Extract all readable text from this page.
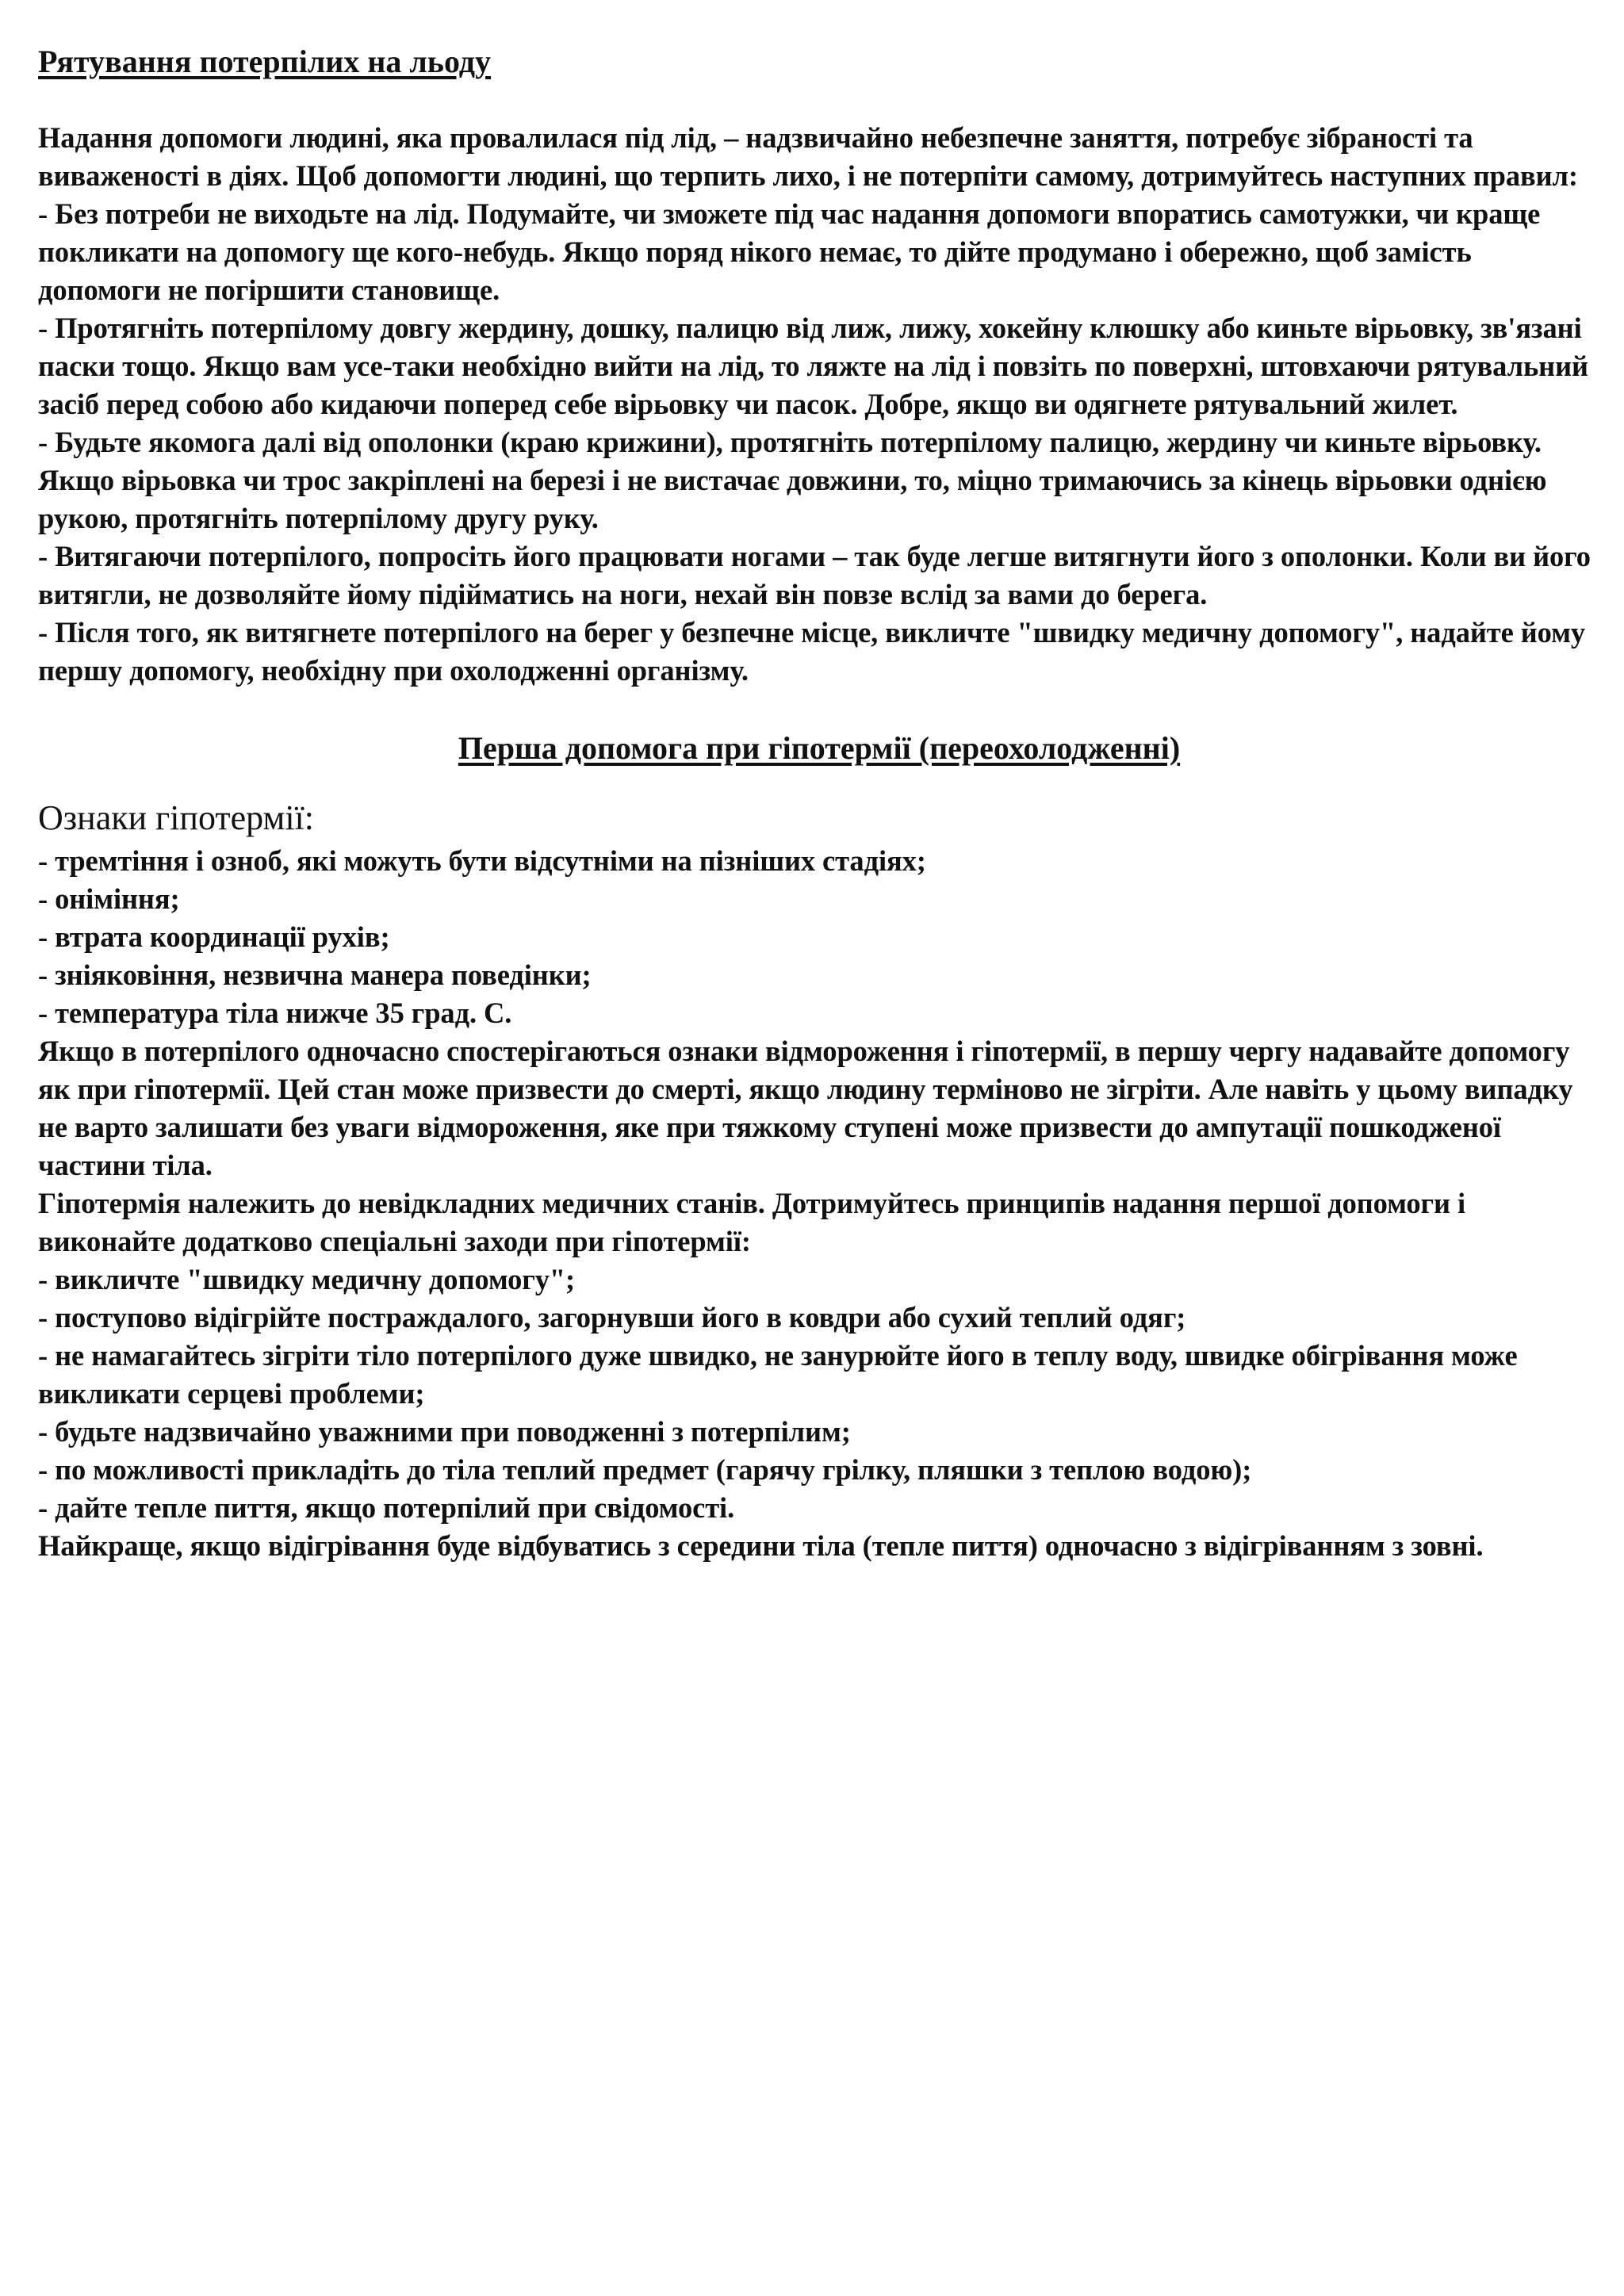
Рятування потерпілих на льоду

Надання допомоги людині, яка провалилася під лід, – надзвичайно небезпечне заняття, потребує зібраності та виваженості в діях. Щоб допомогти людині, що терпить лихо, і не потерпіти самому, дотримуйтесь наступних правил:

- Без потреби не виходьте на лід. Подумайте, чи зможете під час надання допомоги впоратись самотужки, чи краще покликати на допомогу ще кого-небудь. Якщо поряд нікого немає, то дійте продумано і обережно, щоб замість допомоги не погіршити становище.

- Протягніть потерпілому довгу жердину, дошку, палицю від лиж, лижу, хокейну клюшку або киньте вірьовку, зв'язані паски тощо. Якщо вам усе-таки необхідно вийти на лід, то ляжте на лід і повзіть по поверхні, штовхаючи рятувальний засіб перед собою або кидаючи поперед себе вірьовку чи пасок. Добре, якщо ви одягнете рятувальний жилет.

- Будьте якомога далі від ополонки (краю крижини), протягніть потерпілому палицю, жердину чи киньте вірьовку. Якщо вірьовка чи трос закріплені на березі і не вистачає довжини, то, міцно тримаючись за кінець вірьовки однією рукою, протягніть потерпілому другу руку.

- Витягаючи потерпілого, попросіть його працювати ногами – так буде легше витягнути його з ополонки. Коли ви його витягли, не дозволяйте йому підійматись на ноги, нехай він повзе вслід за вами до берега.

- Після того, як витягнете потерпілого на берег у безпечне місце, викличте "швидку медичну допомогу", надайте йому першу допомогу, необхідну при охолодженні організму.

Перша допомога при гіпотермії (переохолодженні)
Ознаки гіпотермії:

- тремтіння і озноб, які можуть бути відсутніми на пізніших стадіях;

- оніміння;

- втрата координації рухів;

- зніяковіння, незвична манера поведінки;

- температура тіла нижче 35 град. С.

Якщо в потерпілого одночасно спостерігаються ознаки відмороження і гіпотермії, в першу чергу надавайте допомогу як при гіпотермії. Цей стан може призвести до смерті, якщо людину терміново не зігріти. Але навіть у цьому випадку не варто залишати без уваги відмороження, яке при тяжкому ступені може призвести до ампутації пошкодженої частини тіла.

Гіпотермія належить до невідкладних медичних станів. Дотримуйтесь принципів надання першої допомоги і виконайте додатково спеціальні заходи при гіпотермії:

- викличте "швидку медичну допомогу";

- поступово відігрійте постраждалого, загорнувши його в ковдри або сухий теплий одяг;

- не намагайтесь зігріти тіло потерпілого дуже швидко, не занурюйте його в теплу воду, швидке обігрівання може викликати серцеві проблеми;

- будьте надзвичайно уважними при поводженні з потерпілим;

- по можливості прикладіть до тіла теплий предмет (гарячу грілку, пляшки з теплою водою);

- дайте тепле пиття, якщо потерпілий при свідомості.

Найкраще, якщо відігрівання буде відбуватись з середини тіла (тепле пиття) одночасно з відігріванням з зовні.
